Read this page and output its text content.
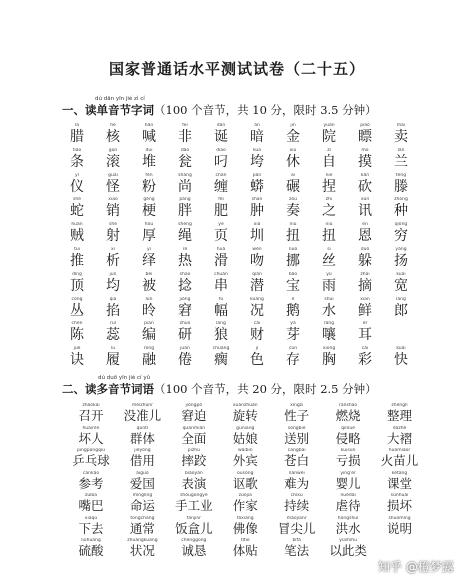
国家普通话水平测试试卷（二十五）
dú dān yīn jié zì cí
一、读单音节字词（100 个音节，共 10 分，限时 3.5 分钟）
là
腊
hé
核
hǎn
喊
fēi
非
dàn
诞
àn
暗
jīn
金
yuàn
院
piǎo
瞟
mài
卖
tiáo
条
gǔn
滚
duī
堆
dǎo
瓮
diāo
叼
kuā
垮
xiū
休
zì
自
mō
摸
lán
兰
yí
仪
guài
怪
fěn
粉
shàng
尚
chán
缠
pán
蟒
ài
碾
niē
捏
kǎn
砍
téng
滕
shé
蛇
xiāo
销
gěng
梗
pàng
胖
féi
肥
shān
肿
zòu
奏
zhī
之
xùn
讯
zhòng
种
huàn
贼
shè
射
hòu
厚
shéng
绳
yè
页
xiá
圳
niǔ
扭
niǔ
扭
ēn
恩
qióng
穷
tuī
推
xī
析
yì
绎
rè
热
huá
滑
wěn
吻
nuó
挪
sī
丝
duǒ
躲
yáng
扬
dǐng
顶
jūn
均
bèi
被
shāo
捻
chuàn
串
qián
潜
bǎo
宝
yǔ
雨
zhāi
摘
kuài
宽
cóng
丛
qiā
掐
lún
昤
jiǒng
窘
fú
幅
kuàng
况
é
鹅
shuǐ
水
xiān
鲜
láng
郎
chén
陈
ruǐ
蕊
piān
编
zhuó
研
láng
狼
cái
财
yá
芽
ràng
嚷
ěr
耳
jué
诀
lǚ
履
róng
融
juàn
倦
chuǎng
瘸
jì
色
cún
存
xiōng
胸
cǎi
彩
kuài
快
dú duō yīn jié cí yǔ
二、读多音节词语（100 个音节，共 20 分，限时 2.5 分钟）
zhàokāi
召开
méizhǔnr
没准儿
jiǒngpò
窘迫
xuánzhuǎn
旋转
xìngzi
性子
ránshāo
燃烧
zhěnglǐ
整理
huàirén
坏人
qúntǐ
群体
quánmiàn
全面
gūniang
姑娘
sòngbié
送别
qīnlüè
侵略
dàzhé
大褶
pīngpāngqiú
乒乓球
jièyòng
借用
pīzhù
摔跤
wàibīn
外宾
cāngbái
苍白
kuīsǔn
亏损
huǒmiáor
火苗儿
cānkǎo
参考
àiguó
爱国
biǎoyǎn
表演
ōusòng
讴歌
nánwéi
难为
yīng'ér
婴儿
kètáng
课堂
zuǐba
嘴巴
mìnglìng
命运
shǒugōngyè
手工业
zuòjiā
作家
chíxù
持续
nüèdài
虐待
sǔnhuài
损坏
xiàqù
下去
tōngcháng
通常
fànjīnr
饭盒儿
fóxiàng
佛像
màojiānr
冒尖儿
hóngshuǐ
洪水
shuōmíng
说明
liúhuáng
硫酸
zhuàngkuàng
状况
chénggōng
诚恳
tǐtiē
体贴
bǐfǎ
笔法
yúshìhū
以此类
知乎 @橙梦露
